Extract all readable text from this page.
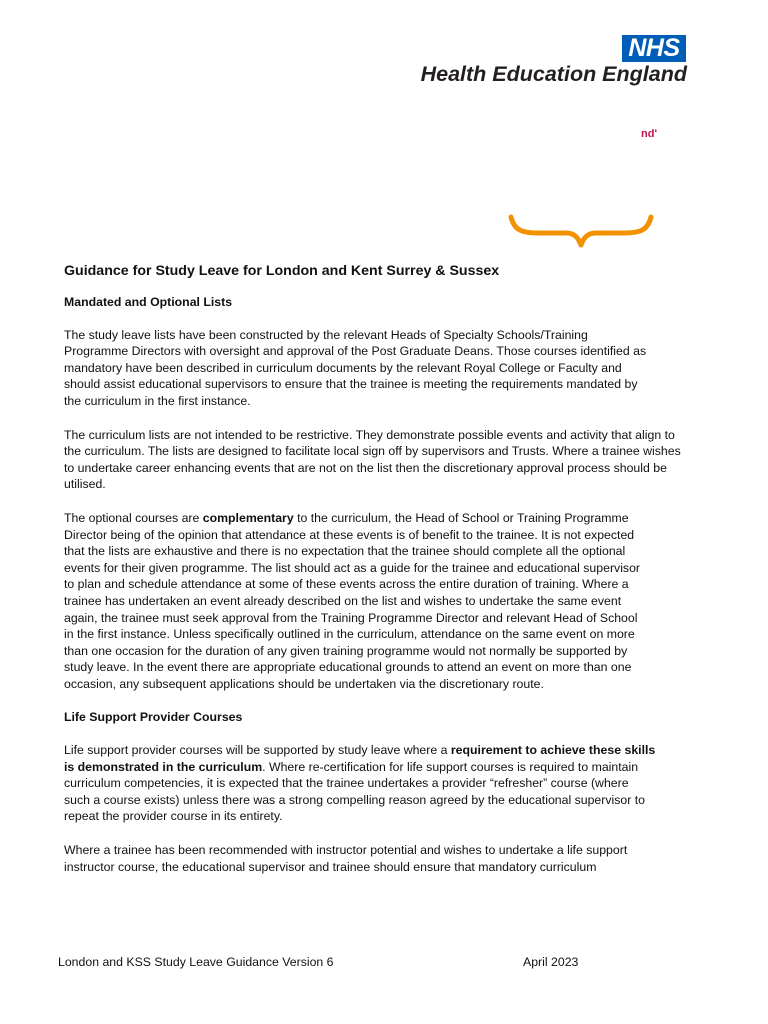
NHS
Health Education England
nd'
Guidance for Study Leave for London and Kent Surrey & Sussex
Mandated and Optional Lists
The study leave lists have been constructed by the relevant Heads of Specialty Schools/Training
Programme Directors with oversight and approval of the Post Graduate Deans. Those courses identified as
mandatory have been described in curriculum documents by the relevant Royal College or Faculty and
should assist educational supervisors to ensure that the trainee is meeting the requirements mandated by
the curriculum in the first instance.
The curriculum lists are not intended to be restrictive. They demonstrate possible events and activity that align to
the curriculum. The lists are designed to facilitate local sign off by supervisors and Trusts. Where a trainee wishes
to undertake career enhancing events that are not on the list then the discretionary approval process should be
utilised.
The optional courses are complementary to the curriculum, the Head of School or Training Programme
Director being of the opinion that attendance at these events is of benefit to the trainee. It is not expected
that the lists are exhaustive and there is no expectation that the trainee should complete all the optional
events for their given programme. The list should act as a guide for the trainee and educational supervisor
to plan and schedule attendance at some of these events across the entire duration of training. Where a
trainee has undertaken an event already described on the list and wishes to undertake the same event
again, the trainee must seek approval from the Training Programme Director and relevant Head of School
in the first instance. Unless specifically outlined in the curriculum, attendance on the same event on more
than one occasion for the duration of any given training programme would not normally be supported by
study leave. In the event there are appropriate educational grounds to attend an event on more than one
occasion, any subsequent applications should be undertaken via the discretionary route.
Life Support Provider Courses
Life support provider courses will be supported by study leave where a requirement to achieve these skills
is demonstrated in the curriculum. Where re-certification for life support courses is required to maintain
curriculum competencies, it is expected that the trainee undertakes a provider “refresher” course (where
such a course exists) unless there was a strong compelling reason agreed by the educational supervisor to
repeat the provider course in its entirety.
Where a trainee has been recommended with instructor potential and wishes to undertake a life support
instructor course, the educational supervisor and trainee should ensure that mandatory curriculum
London and KSS Study Leave Guidance Version 6	April 2023
